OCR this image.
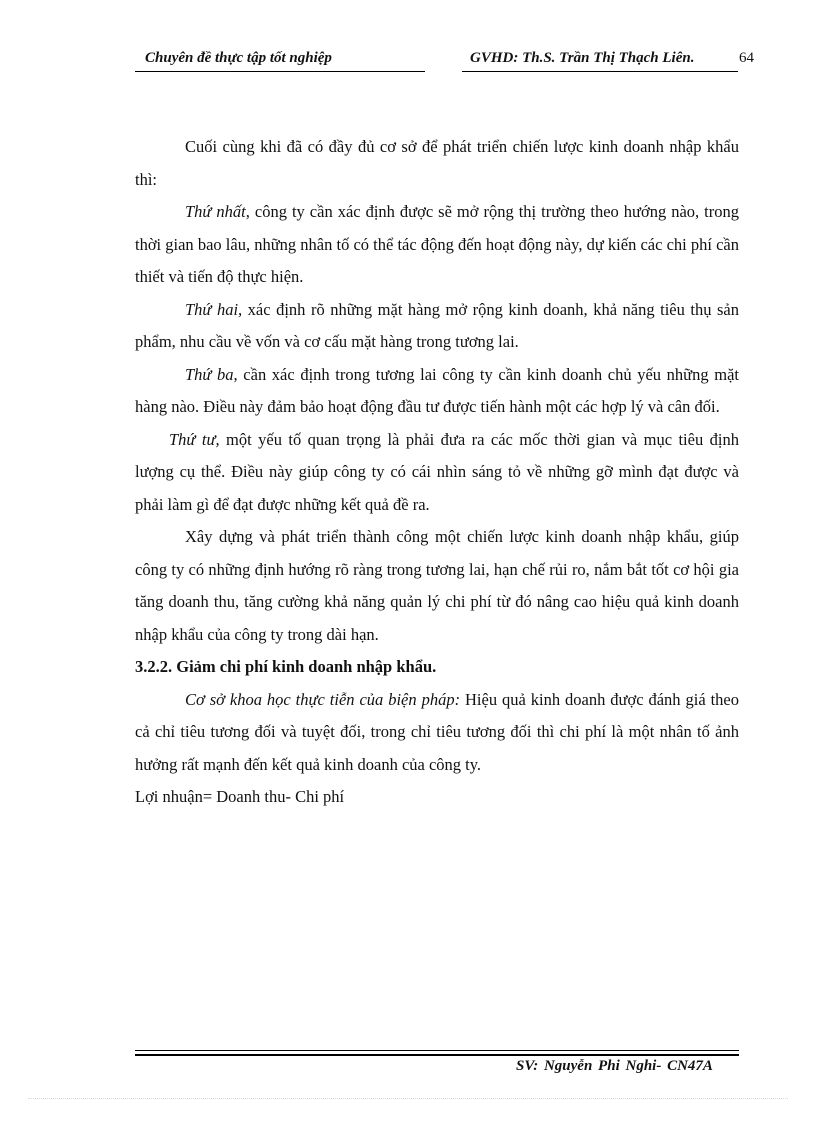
Chuyên đề thực tập tốt nghiệp	GVHD: Th.S. Trần Thị Thạch Liên.	64

Cuối cùng khi đã có đầy đủ cơ sở để phát triển chiến lược kinh doanh nhập khẩu thì:

Thứ nhất, công ty cần xác định được sẽ mở rộng thị trường theo hướng nào, trong thời gian bao lâu, những nhân tố có thể tác động đến hoạt động này, dự kiến các chi phí cần thiết và tiến độ thực hiện.

Thứ hai, xác định rõ những mặt hàng mở rộng kinh doanh, khả năng tiêu thụ sản phẩm, nhu cầu về vốn và cơ cấu mặt hàng trong tương lai.

Thứ ba, cần xác định trong tương lai công ty cần kinh doanh chủ yếu những mặt hàng nào. Điều này đảm bảo hoạt động đầu tư được tiến hành một các hợp lý và cân đối.

Thứ tư, một yếu tố quan trọng là phải đưa ra các mốc thời gian và mục tiêu định lượng cụ thể. Điều này giúp công ty có cái nhìn sáng tỏ về những gỡ mình đạt được và phải làm gì để đạt được những kết quả đề ra.

Xây dựng và phát triển thành công một chiến lược kinh doanh nhập khẩu, giúp công ty có những định hướng rõ ràng trong tương lai, hạn chế rủi ro, nắm bắt tốt cơ hội gia tăng doanh thu, tăng cường khả năng quản lý chi phí từ đó nâng cao hiệu quả kinh doanh nhập khẩu của công ty trong dài hạn.

3.2.2. Giảm chi phí kinh doanh nhập khẩu.

Cơ sở khoa học thực tiễn của biện pháp: Hiệu quả kinh doanh được đánh giá theo cả chỉ tiêu tương đối và tuyệt đối, trong chỉ tiêu tương đối thì chi phí là một nhân tố ảnh hưởng rất mạnh đến kết quả kinh doanh của công ty.

Lợi nhuận= Doanh thu- Chi phí

SV: Nguyễn Phi Nghi- CN47A
